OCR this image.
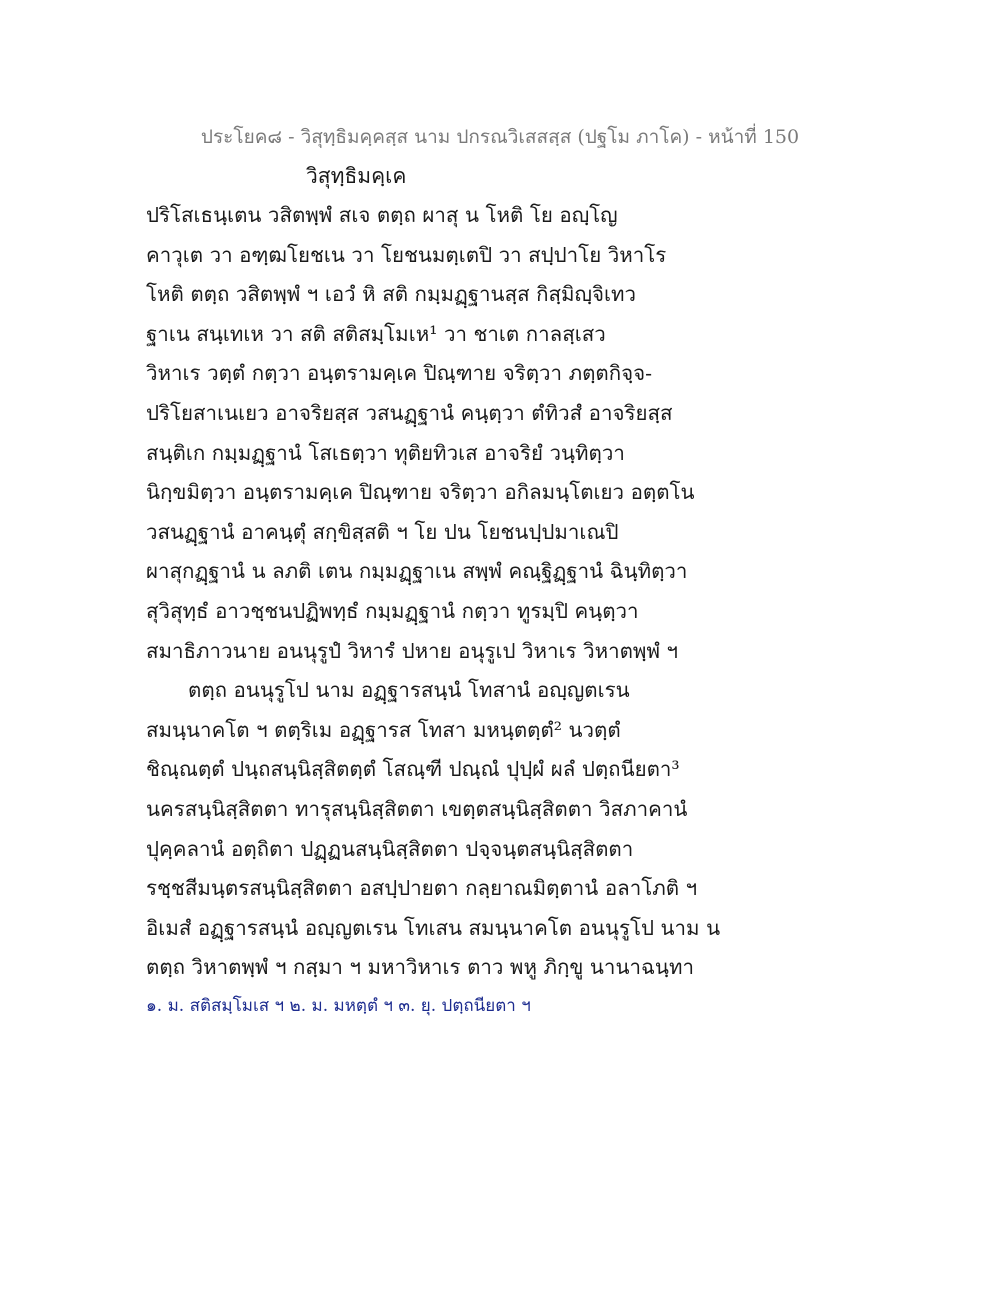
ประโยค๘ - วิสุทฺธิมคฺคสฺส นาม ปกรณวิเสสสฺส (ปฐโม ภาโค) - หน้าที่ 150
วิสุทฺธิมคฺเค
ปริโสเธนฺเตน วสิตพฺพํ สเจ ตตฺถ ผาสุ น โหติ โย อญฺโญ
คาวุเต วา อฑฺฒโยชเน วา โยชนมตฺเตปิ วา สปฺปาโย วิหาโร
โหติ ตตฺถ วสิตพฺพํ ฯ เอวํ หิ สติ กมฺมฏฺฐานสฺส กิสฺมิญฺจิเทว
ฐาเน สนฺเทเห วา สติ สติสมฺโมเห¹ วา ชาเต กาลสฺเสว
วิหาเร วตฺตํ กตฺวา อนฺตรามคฺเค ปิณฺฑาย จริตฺวา ภตฺตกิจฺจ-
ปริโยสาเนเยว อาจริยสฺส วสนฏฺฐานํ คนฺตฺวา ตํทิวสํ อาจริยสฺส
สนฺติเก กมฺมฏฺฐานํ โสเธตฺวา ทุติยทิวเส อาจริยํ วนฺทิตฺวา
นิกฺขมิตฺวา อนฺตรามคฺเค ปิณฺฑาย จริตฺวา อกิลมนฺโตเยว อตฺตโน
วสนฏฺฐานํ อาคนฺตุํ สกฺขิสฺสติ ฯ โย ปน โยชนปฺปมาเณปิ
ผาสุกฏฺฐานํ น ลภติ เตน กมฺมฏฺฐาเน สพฺพํ คณฺฐิฏฺฐานํ ฉินฺทิตฺวา
สุวิสุทฺธํ อาวชฺชนปฏิพทฺธํ กมฺมฏฺฐานํ กตฺวา ทูรมฺปิ คนฺตฺวา
สมาธิภาวนาย อนนุรูปํ วิหารํ ปหาย อนุรูเป วิหาเร วิหาตพฺพํ ฯ
ตตฺถ อนนุรูโป นาม อฏฺฐารสนฺนํ โทสานํ อญฺญตเรน
สมนฺนาคโต ฯ ตตฺริเม อฏฺฐารส โทสา มหนฺตตฺตํ² นวตฺตํ
ชิณฺณตฺตํ ปนฺถสนฺนิสฺสิตตฺตํ โสณฺฑี ปณฺณํ ปุปฺผํ ผลํ ปตฺถนียตา³
นครสนฺนิสฺสิตตา ทารุสนฺนิสฺสิตตา เขตฺตสนฺนิสฺสิตตา วิสภาคานํ
ปุคฺคลานํ อตฺถิตา ปฏฺฏนสนฺนิสฺสิตตา ปจฺจนฺตสนฺนิสฺสิตตา
รชฺชสีมนฺตรสนฺนิสฺสิตตา อสปฺปายตา กลฺยาณมิตฺตานํ อลาโภติ ฯ
อิเมสํ อฏฺฐารสนฺนํ อญฺญตเรน โทเสน สมนฺนาคโต อนนุรูโป นาม น
ตตฺถ วิหาตพฺพํ ฯ กสฺมา ฯ มหาวิหาเร ตาว พหู ภิกฺขู นานาฉนฺทา
๑. ม. สติสมฺโมเส ฯ ๒. ม. มหตฺตํ ฯ ๓. ยุ. ปตฺถนียตา ฯ
